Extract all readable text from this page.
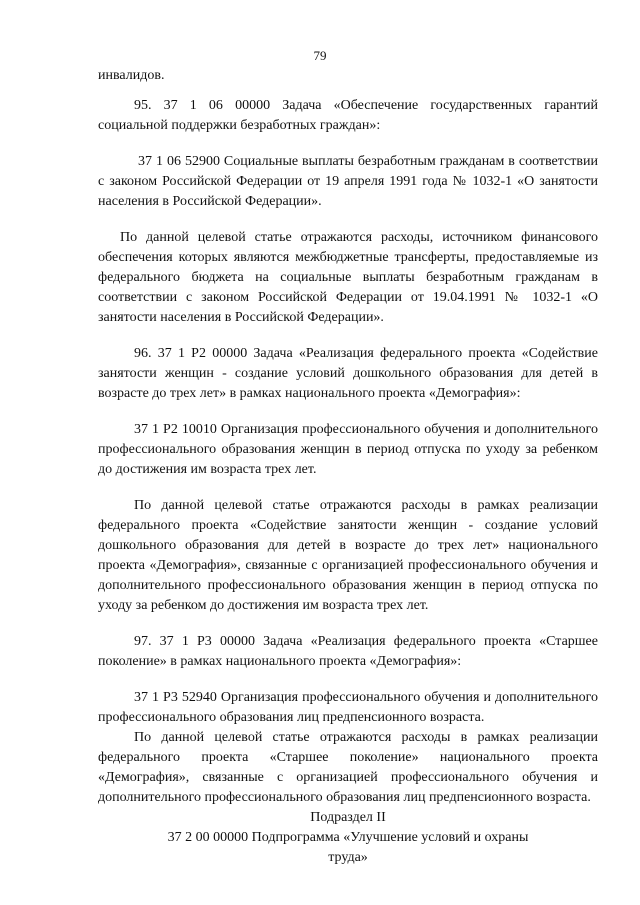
79

инвалидов.

95. 37 1 06 00000 Задача «Обеспечение государственных гарантий социальной поддержки безработных граждан»:

37 1 06 52900 Социальные выплаты безработным гражданам в соответствии с законом Российской Федерации от 19 апреля 1991 года № 1032-1 «О занятости населения в Российской Федерации».

По данной целевой статье отражаются расходы, источником финансового обеспечения которых являются межбюджетные трансферты, предоставляемые из федерального бюджета на социальные выплаты безработным гражданам в соответствии с законом Российской Федерации от 19.04.1991 № 1032-1 «О занятости населения в Российской Федерации».

96. 37 1 Р2 00000 Задача «Реализация федерального проекта «Содействие занятости женщин - создание условий дошкольного образования для детей в возрасте до трех лет» в рамках национального проекта «Демография»:

37 1 Р2 10010 Организация профессионального обучения и дополнительного профессионального образования женщин в период отпуска по уходу за ребенком до достижения им возраста трех лет.

По данной целевой статье отражаются расходы в рамках реализации федерального проекта «Содействие занятости женщин - создание условий дошкольного образования для детей в возрасте до трех лет» национального проекта «Демография», связанные с организацией профессионального обучения и дополнительного профессионального образования женщин в период отпуска по уходу за ребенком до достижения им возраста трех лет.

97. 37 1 Р3 00000 Задача «Реализация федерального проекта «Старшее поколение» в рамках национального проекта «Демография»:

37 1 Р3 52940 Организация профессионального обучения и дополнительного профессионального образования лиц предпенсионного возраста.

По данной целевой статье отражаются расходы в рамках реализации федерального проекта «Старшее поколение» национального проекта «Демография», связанные с организацией профессионального обучения и дополнительного профессионального образования лиц предпенсионного возраста.

Подраздел II

37 2 00 00000 Подпрограмма «Улучшение условий и охраны труда»
